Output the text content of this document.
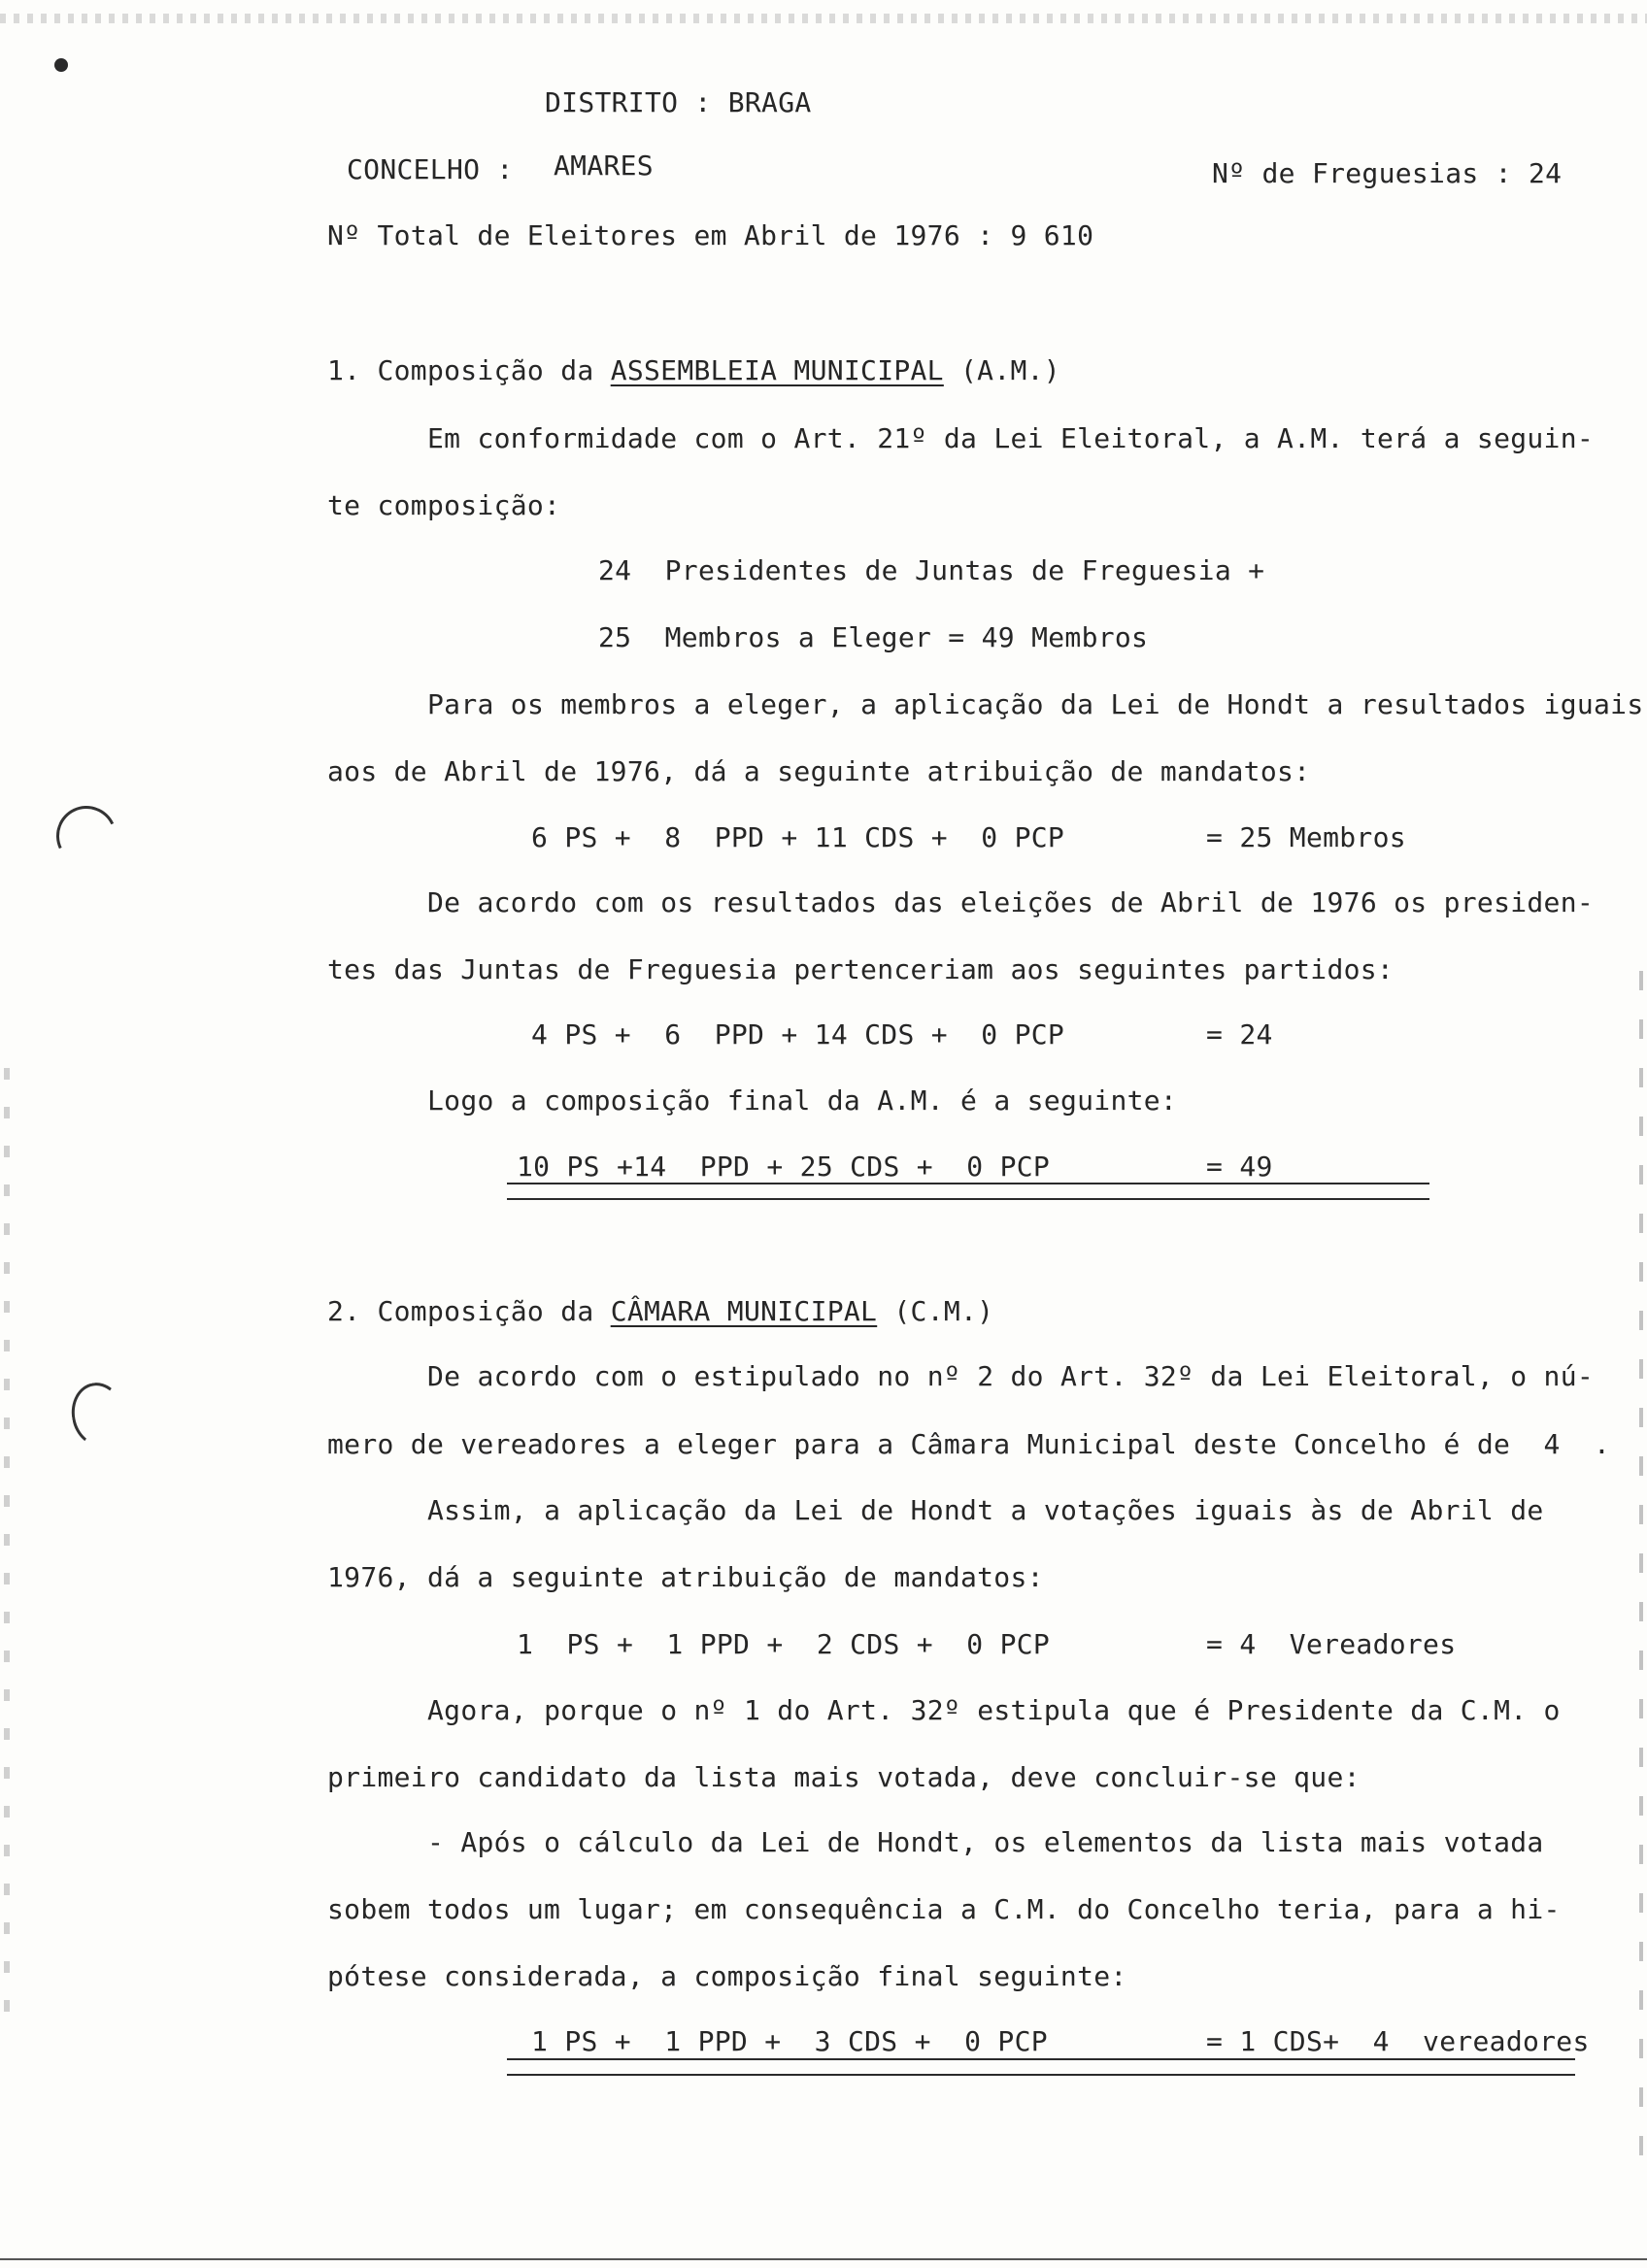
DISTRITO : BRAGA
CONCELHO : AMARES	Nº de Freguesias : 24
Nº Total de Eleitores em Abril de 1976 : 9 610
1. Composição da ASSEMBLEIA MUNICIPAL (A.M.)
Em conformidade com o Art. 21º da Lei Eleitoral, a A.M. terá a seguin-
te composição:
24  Presidentes de Juntas de Freguesia +
25  Membros a Eleger = 49 Membros
Para os membros a eleger, a aplicação da Lei de Hondt a resultados iguais
aos de Abril de 1976, dá a seguinte atribuição de mandatos:
6 PS +  8  PPD + 11 CDS +  0 PCP	= 25 Membros
De acordo com os resultados das eleições de Abril de 1976 os presiden-
tes das Juntas de Freguesia pertenceriam aos seguintes partidos:
4 PS +  6  PPD + 14 CDS +  0 PCP	= 24
Logo a composição final da A.M. é a seguinte:
10 PS +14  PPD + 25 CDS +  0 PCP	= 49
2. Composição da CÂMARA MUNICIPAL (C.M.)
De acordo com o estipulado no nº 2 do Art. 32º da Lei Eleitoral, o nú-
mero de vereadores a eleger para a Câmara Municipal deste Concelho é de  4  .
Assim, a aplicação da Lei de Hondt a votações iguais às de Abril de
1976, dá a seguinte atribuição de mandatos:
1  PS +  1 PPD +  2 CDS +  0 PCP	= 4  Vereadores
Agora, porque o nº 1 do Art. 32º estipula que é Presidente da C.M. o
primeiro candidato da lista mais votada, deve concluir-se que:
- Após o cálculo da Lei de Hondt, os elementos da lista mais votada
sobem todos um lugar; em consequência a C.M. do Concelho teria, para a hi-
pótese considerada, a composição final seguinte:
1 PS +  1 PPD +  3 CDS +  0 PCP	= 1 CDS+  4  vereadores
